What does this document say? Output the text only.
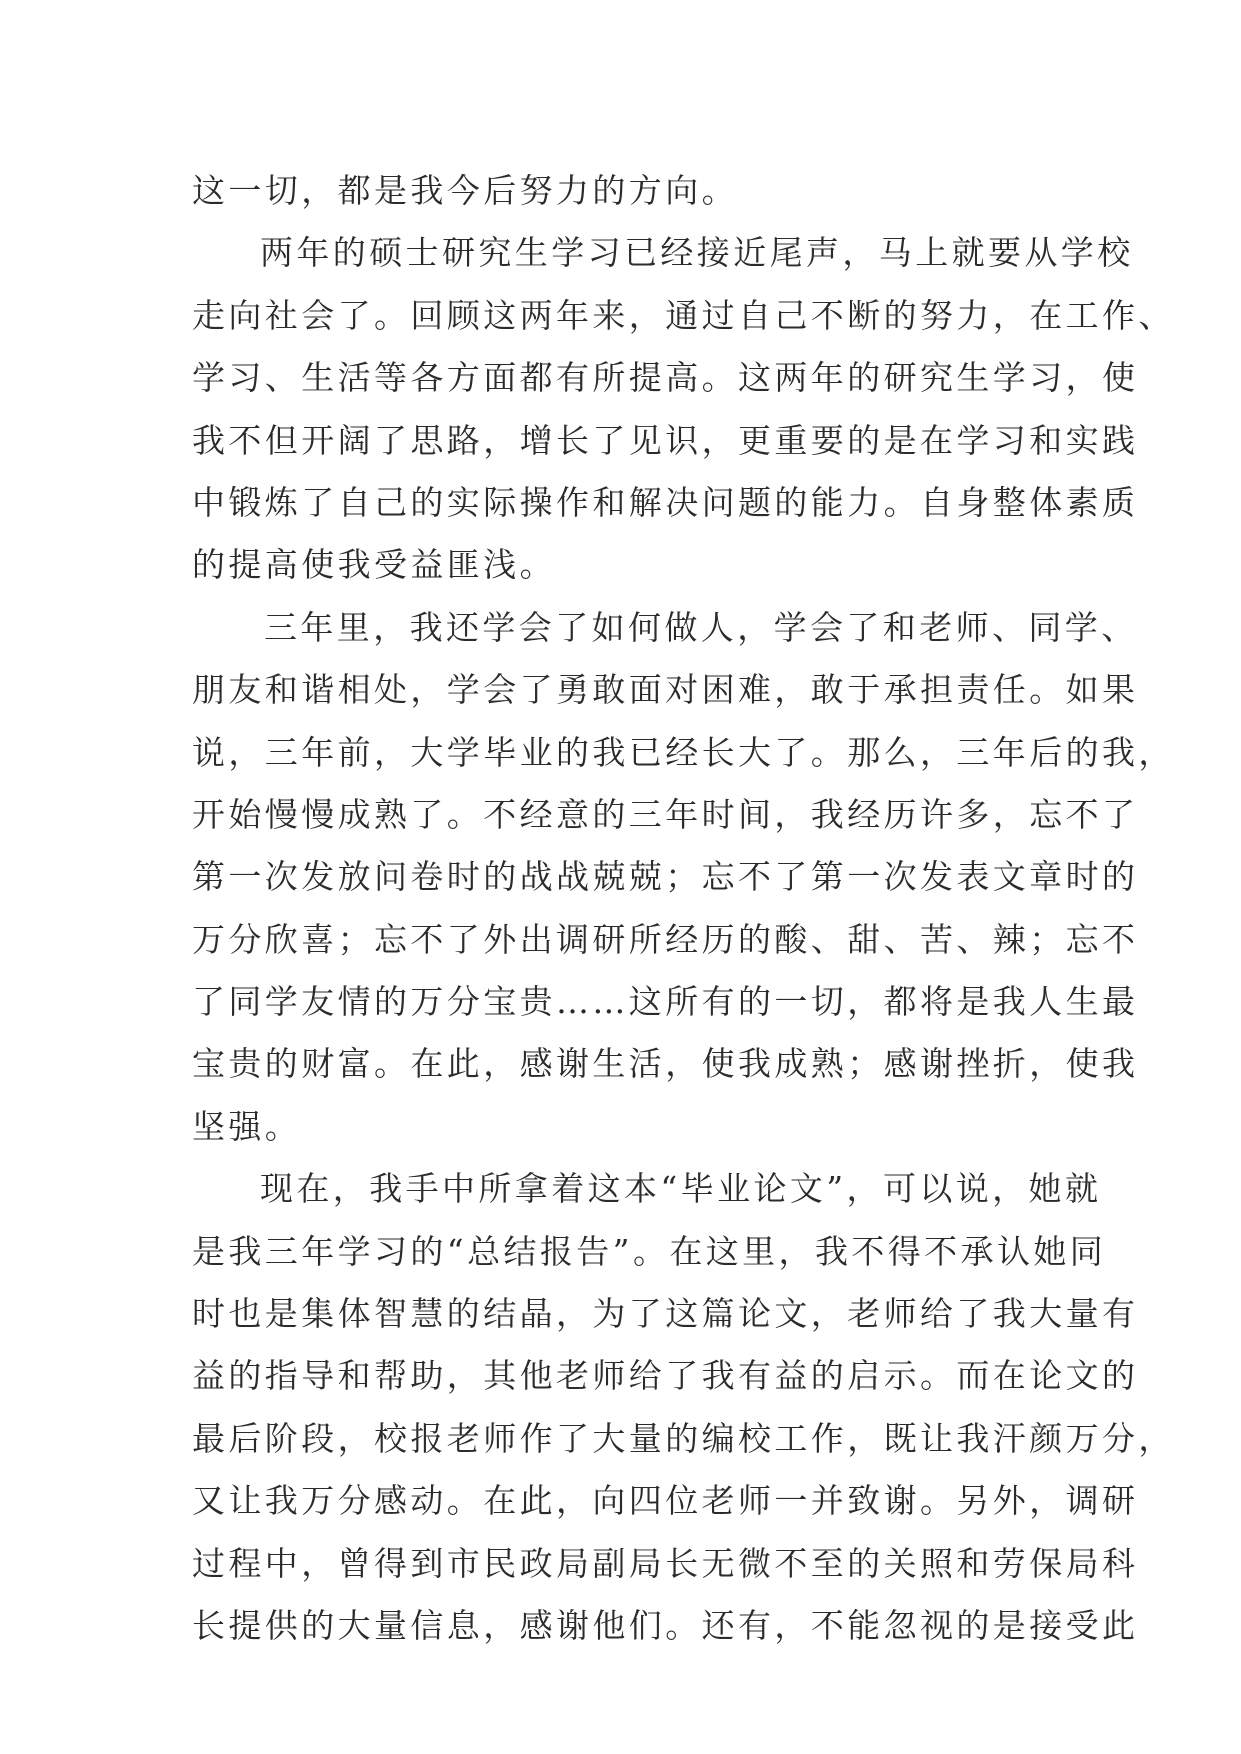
这一切，都是我今后努力的方向。
两年的硕士研究生学习已经接近尾声，马上就要从学校
走向社会了。回顾这两年来，通过自己不断的努力，在工作、
学习、生活等各方面都有所提高。这两年的研究生学习，使
我不但开阔了思路，增长了见识，更重要的是在学习和实践
中锻炼了自己的实际操作和解决问题的能力。自身整体素质
的提高使我受益匪浅。
三年里，我还学会了如何做人，学会了和老师、同学、
朋友和谐相处，学会了勇敢面对困难，敢于承担责任。如果
说，三年前，大学毕业的我已经长大了。那么，三年后的我，
开始慢慢成熟了。不经意的三年时间，我经历许多，忘不了
第一次发放问卷时的战战兢兢；忘不了第一次发表文章时的
万分欣喜；忘不了外出调研所经历的酸、甜、苦、辣；忘不
了同学友情的万分宝贵……这所有的一切，都将是我人生最
宝贵的财富。在此，感谢生活，使我成熟；感谢挫折，使我
坚强。
现在，我手中所拿着这本“毕业论文”，可以说，她就
是我三年学习的“总结报告”。在这里，我不得不承认她同
时也是集体智慧的结晶，为了这篇论文，老师给了我大量有
益的指导和帮助，其他老师给了我有益的启示。而在论文的
最后阶段，校报老师作了大量的编校工作，既让我汗颜万分，
又让我万分感动。在此，向四位老师一并致谢。另外，调研
过程中，曾得到市民政局副局长无微不至的关照和劳保局科
长提供的大量信息，感谢他们。还有，不能忽视的是接受此
